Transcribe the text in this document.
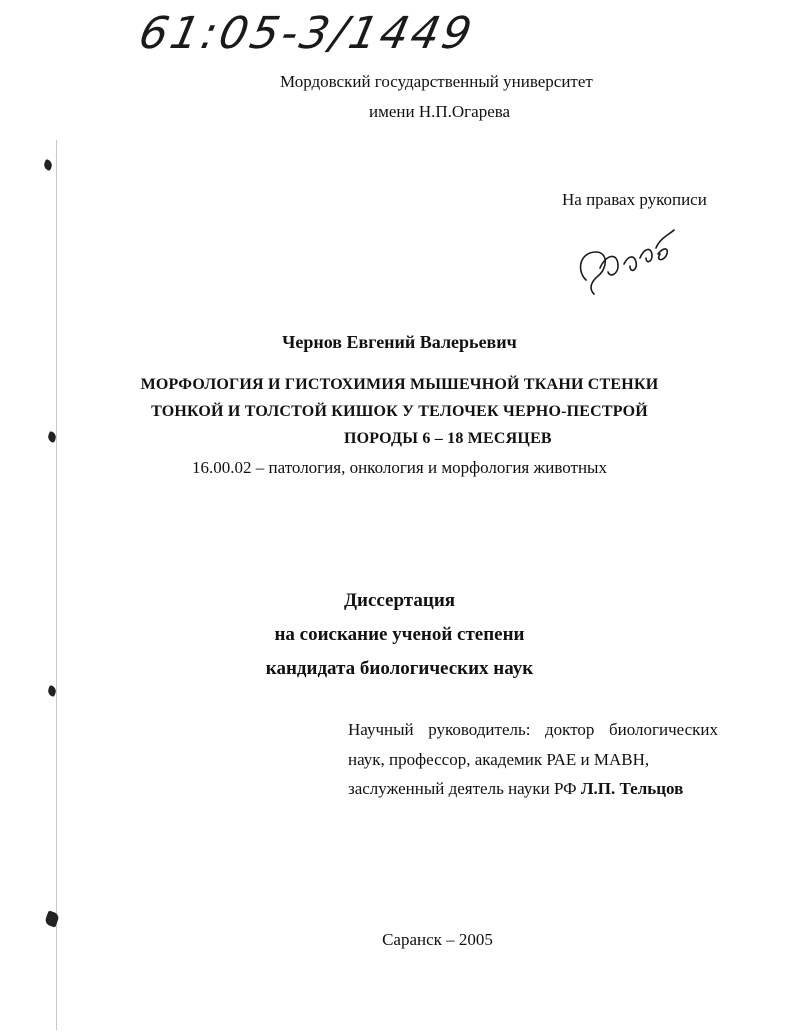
61:05-3/1449
Мордовский государственный университет
имени Н.П.Огарева
На правах рукописи
Чернов Евгений Валерьевич
МОРФОЛОГИЯ И ГИСТОХИМИЯ МЫШЕЧНОЙ ТКАНИ СТЕНКИ
ТОНКОЙ И ТОЛСТОЙ КИШОК У ТЕЛОЧЕК ЧЕРНО-ПЕСТРОЙ
ПОРОДЫ 6 – 18 МЕСЯЦЕВ
16.00.02 – патология, онкология и морфология животных
Диссертация
на соискание ученой степени
кандидата биологических наук
Научный руководитель: доктор биологических
наук, профессор, академик РАЕ и МАВН,
заслуженный деятель науки РФ Л.П. Тельцов
Саранск – 2005
